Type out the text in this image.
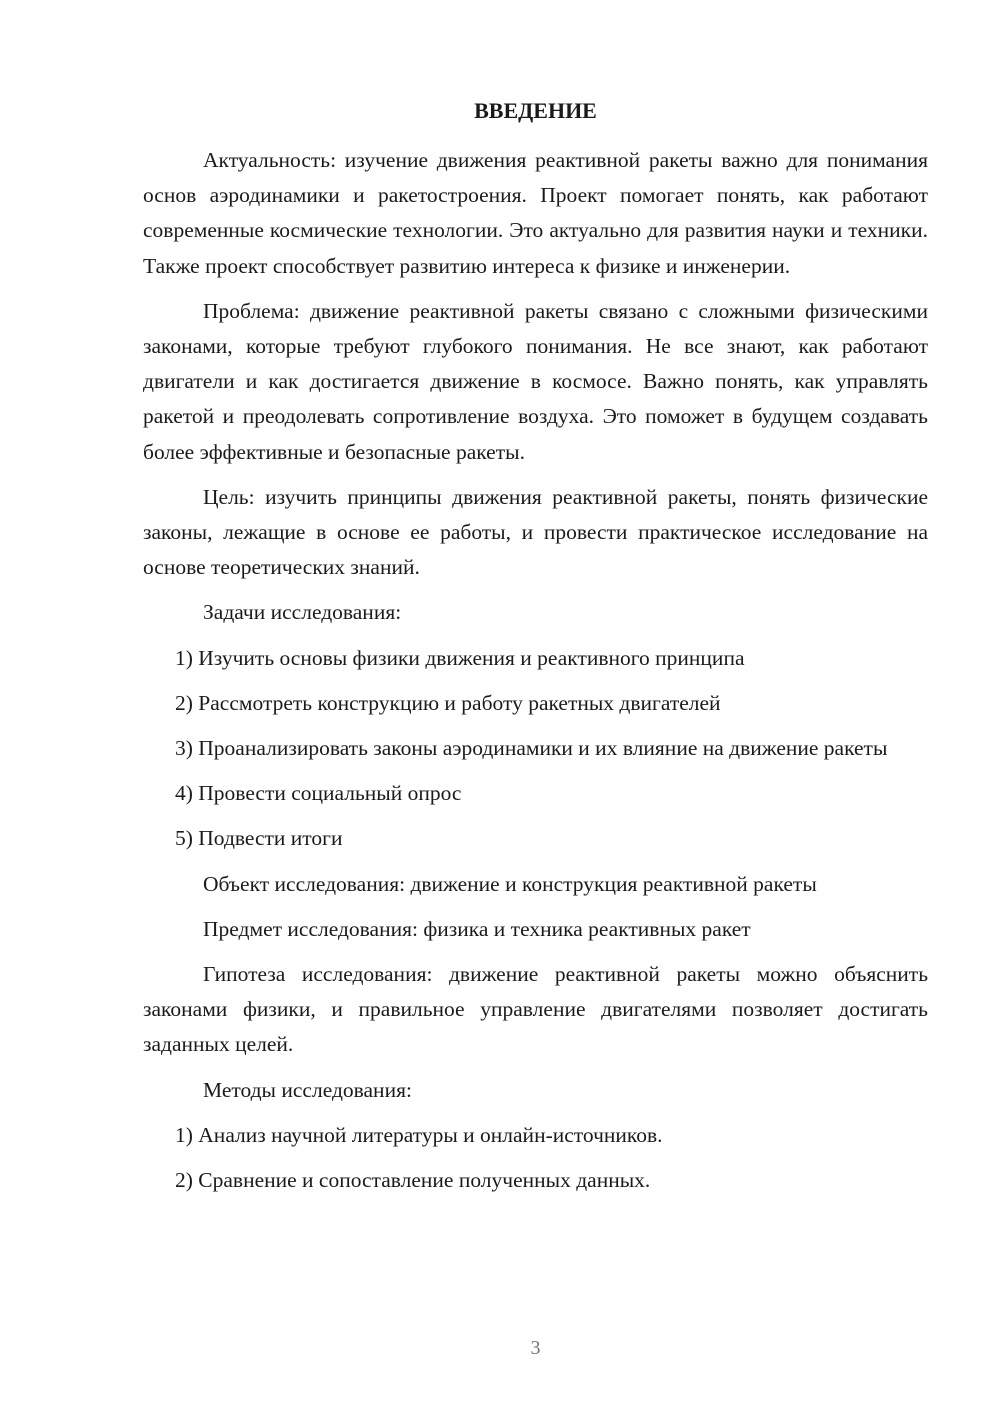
ВВЕДЕНИЕ

Актуальность: изучение движения реактивной ракеты важно для понимания основ аэродинамики и ракетостроения. Проект помогает понять, как работают современные космические технологии. Это актуально для развития науки и техники. Также проект способствует развитию интереса к физике и инженерии.

Проблема: движение реактивной ракеты связано с сложными физическими законами, которые требуют глубокого понимания. Не все знают, как работают двигатели и как достигается движение в космосе. Важно понять, как управлять ракетой и преодолевать сопротивление воздуха. Это поможет в будущем создавать более эффективные и безопасные ракеты.

Цель: изучить принципы движения реактивной ракеты, понять физические законы, лежащие в основе ее работы, и провести практическое исследование на основе теоретических знаний.

Задачи исследования:

1) Изучить основы физики движения и реактивного принципа

2) Рассмотреть конструкцию и работу ракетных двигателей

3) Проанализировать законы аэродинамики и их влияние на движение ракеты

4) Провести социальный опрос

5) Подвести итоги

Объект исследования: движение и конструкция реактивной ракеты

Предмет исследования: физика и техника реактивных ракет

Гипотеза исследования: движение реактивной ракеты можно объяснить законами физики, и правильное управление двигателями позволяет достигать заданных целей.

Методы исследования:

1) Анализ научной литературы и онлайн-источников.

2) Сравнение и сопоставление полученных данных.

3
